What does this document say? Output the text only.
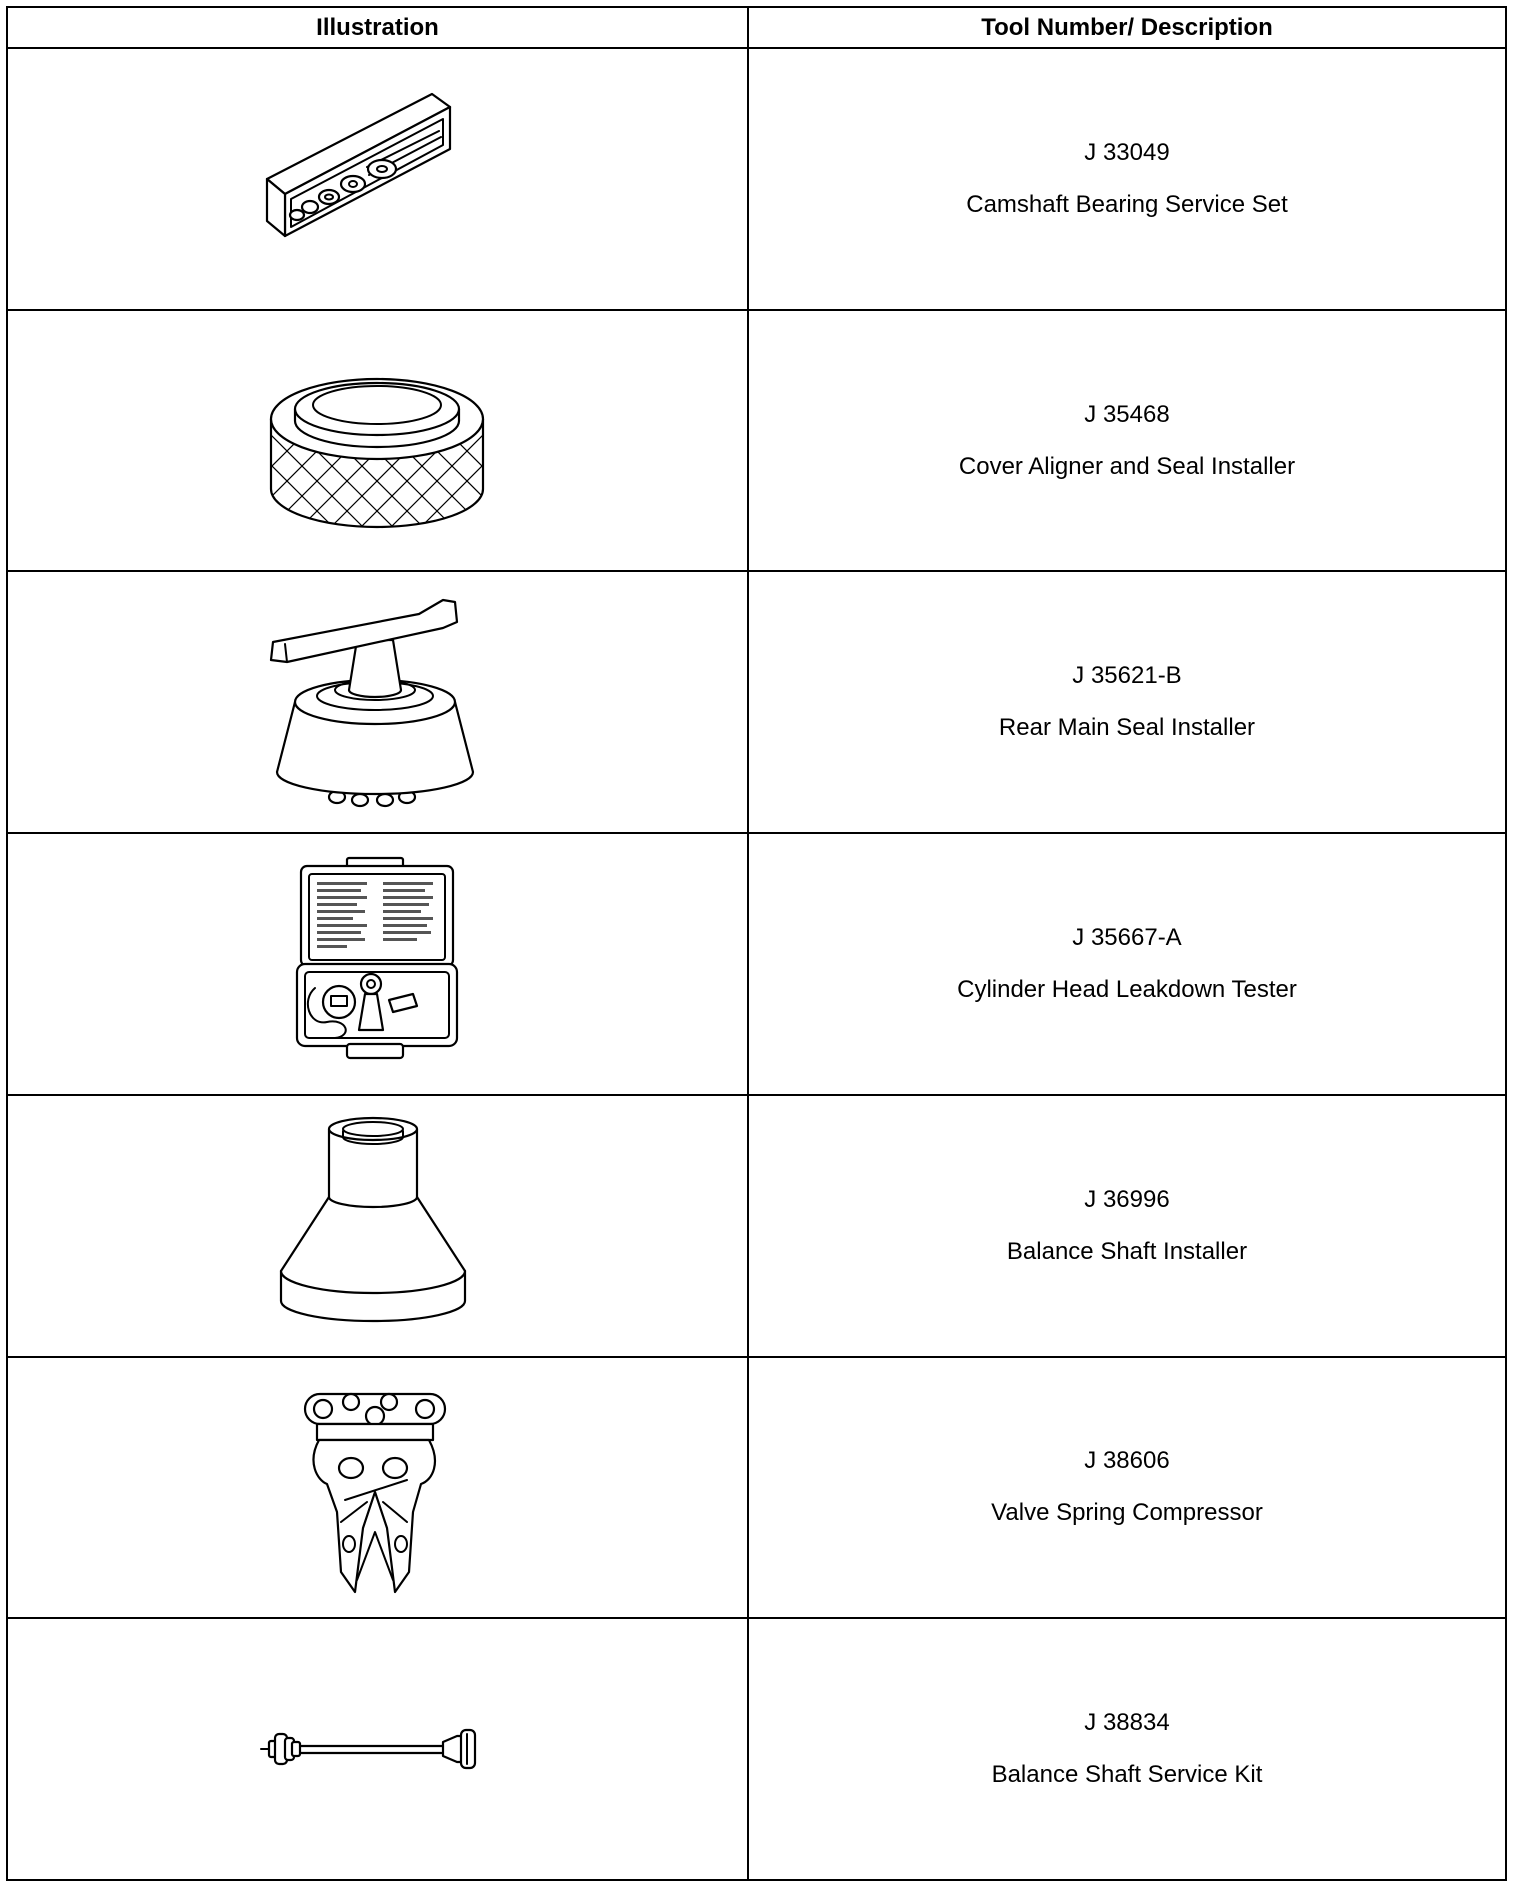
Illustration	Tool Number/ Description

J 33049
Camshaft Bearing Service Set

J 35468
Cover Aligner and Seal Installer

J 35621-B
Rear Main Seal Installer

J 35667-A
Cylinder Head Leakdown Tester

J 36996
Balance Shaft Installer

J 38606
Valve Spring Compressor

J 38834
Balance Shaft Service Kit
